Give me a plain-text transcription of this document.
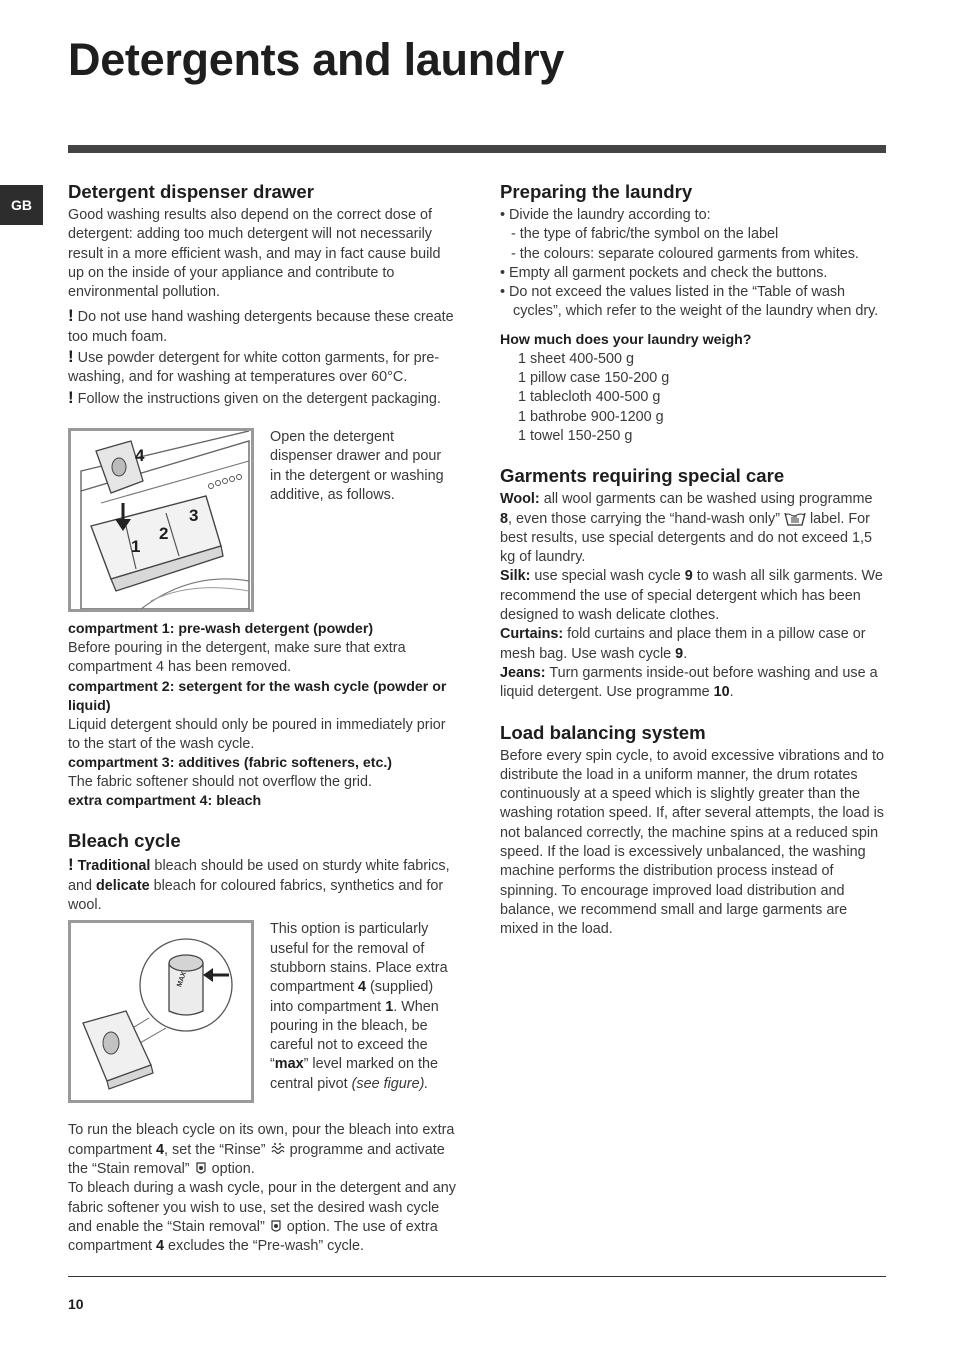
Detergents and laundry
GB
Detergent dispenser drawer

Good washing results also depend on the correct dose of detergent: adding too much detergent will not necessarily result in a more efficient wash, and may in fact cause build up on the inside of your appliance and contribute to environmental pollution.

! Do not use hand washing detergents because these create too much foam.

! Use powder detergent for white cotton garments, for pre-washing, and for washing at temperatures over 60°C.

! Follow the instructions given on the detergent packaging.

4
1
2
3

Open the detergent dispenser drawer and pour in the detergent or washing additive, as follows.

compartment 1: pre-wash detergent (powder)

Before pouring in the detergent, make sure that extra compartment 4 has been removed.

compartment 2: setergent for the wash cycle (powder or liquid)

Liquid detergent should only be poured in immediately prior to the start of the wash cycle.

compartment 3: additives (fabric softeners, etc.)

The fabric softener should not overflow the grid.

extra compartment 4: bleach
Bleach cycle

! Traditional bleach should be used on sturdy white fabrics, and delicate bleach for coloured fabrics, synthetics and for wool.

MAX

This option is particularly useful for the removal of stubborn stains. Place extra compartment 4 (supplied) into compartment 1. When pouring in the bleach, be careful not to exceed the “max” level marked on the central pivot (see figure).

To run the bleach cycle on its own, pour the bleach into extra compartment 4, set the “Rinse”  programme and activate the “Stain removal”  option.

To bleach during a wash cycle, pour in the detergent and any fabric softener you wish to use, set the desired wash cycle and enable the “Stain removal”  option. The use of extra compartment 4 excludes the “Pre-wash” cycle.

Preparing the laundry

• Divide the laundry according to:

- the type of fabric/the symbol on the label

- the colours: separate coloured garments from whites.

• Empty all garment pockets and check the buttons.

• Do not exceed the values listed in the “Table of wash cycles”, which refer to the weight of the laundry when dry.

How much does your laundry weigh?

1 sheet 400-500 g

1 pillow case 150-200 g

1 tablecloth 400-500 g

1 bathrobe 900-1200 g

1 towel 150-250 g

Garments requiring special care

Wool: all wool garments can be washed using programme 8, even those carrying the “hand-wash only”  label. For best results, use special detergents and do not exceed 1,5 kg of laundry.

Silk: use special wash cycle 9 to wash all silk garments. We recommend the use of special detergent which has been designed to wash delicate clothes.

Curtains: fold curtains and place them in a pillow case or mesh bag. Use wash cycle 9.

Jeans: Turn garments inside-out before washing and use a liquid detergent. Use programme 10.

Load balancing system

Before every spin cycle, to avoid excessive vibrations and to distribute the load in a uniform manner, the drum rotates continuously at a speed which is slightly greater than the washing rotation speed. If, after several attempts, the load is not balanced correctly, the machine spins at a reduced spin speed. If the load is excessively unbalanced, the washing machine performs the distribution process instead of spinning. To encourage improved load distribution and balance, we recommend small and large garments are mixed in the load.

10
